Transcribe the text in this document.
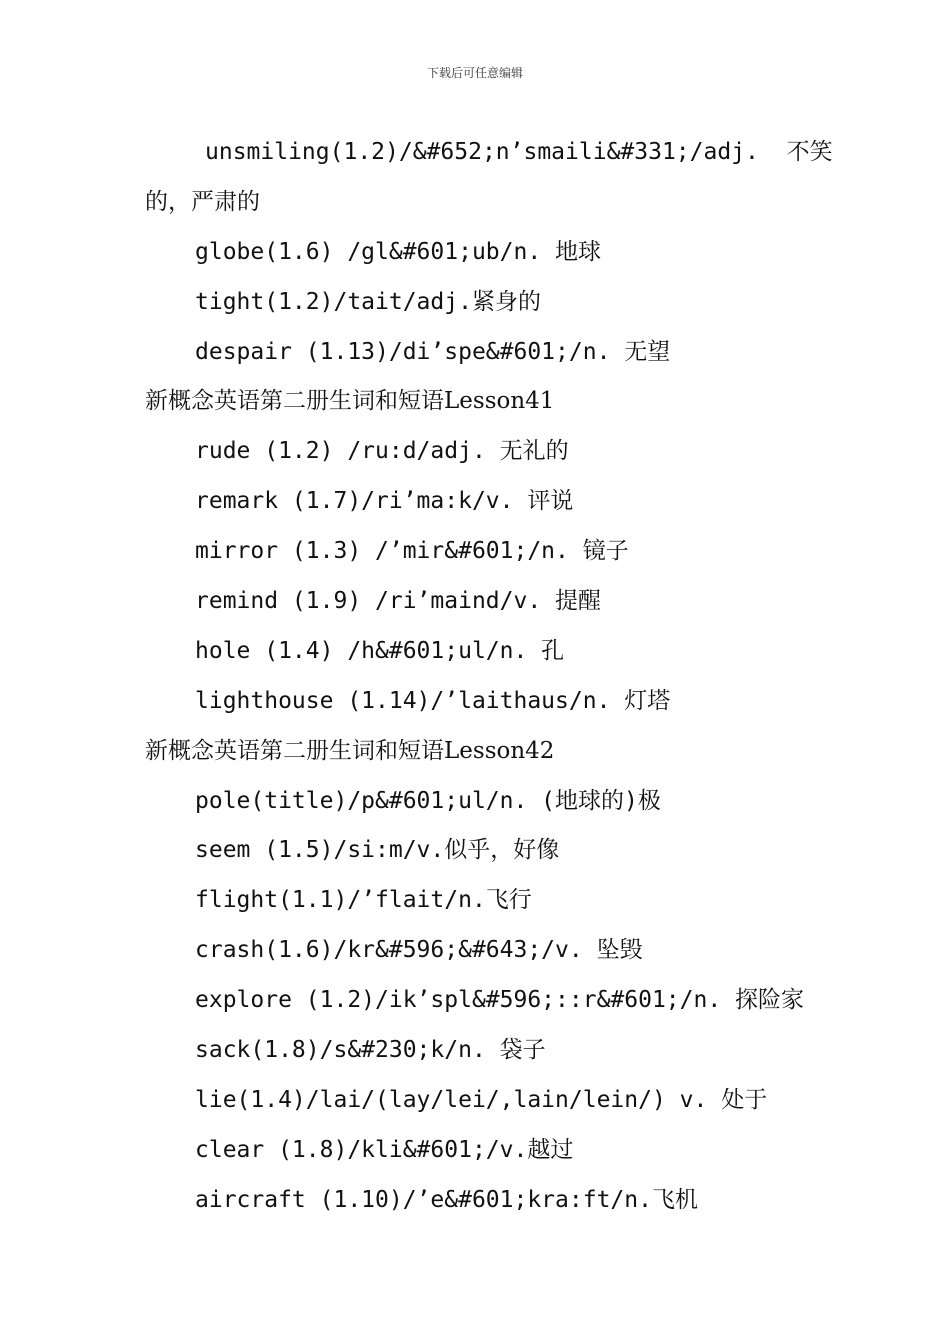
下载后可任意编辑
unsmiling(1.2)/&#652;n’smaili&#331;/adj.  不笑
的，严肃的
globe(1.6) /gl&#601;ub/n. 地球
tight(1.2)/tait/adj.紧身的
despair (1.13)/di’spe&#601;/n. 无望
新概念英语第二册生词和短语Lesson41
rude (1.2) /ru:d/adj. 无礼的
remark (1.7)/ri’ma:k/v. 评说
mirror (1.3) /’mir&#601;/n. 镜子
remind (1.9) /ri’maind/v. 提醒
hole (1.4) /h&#601;ul/n. 孔
lighthouse (1.14)/’laithaus/n. 灯塔
新概念英语第二册生词和短语Lesson42
pole(title)/p&#601;ul/n. (地球的)极
seem (1.5)/si:m/v.似乎，好像
flight(1.1)/’flait/n.飞行
crash(1.6)/kr&#596;&#643;/v. 坠毁
explore (1.2)/ik’spl&#596;::r&#601;/n. 探险家
sack(1.8)/s&#230;k/n. 袋子
lie(1.4)/lai/(lay/lei/,lain/lein/) v. 处于
clear (1.8)/kli&#601;/v.越过
aircraft (1.10)/’e&#601;kra:ft/n.飞机
